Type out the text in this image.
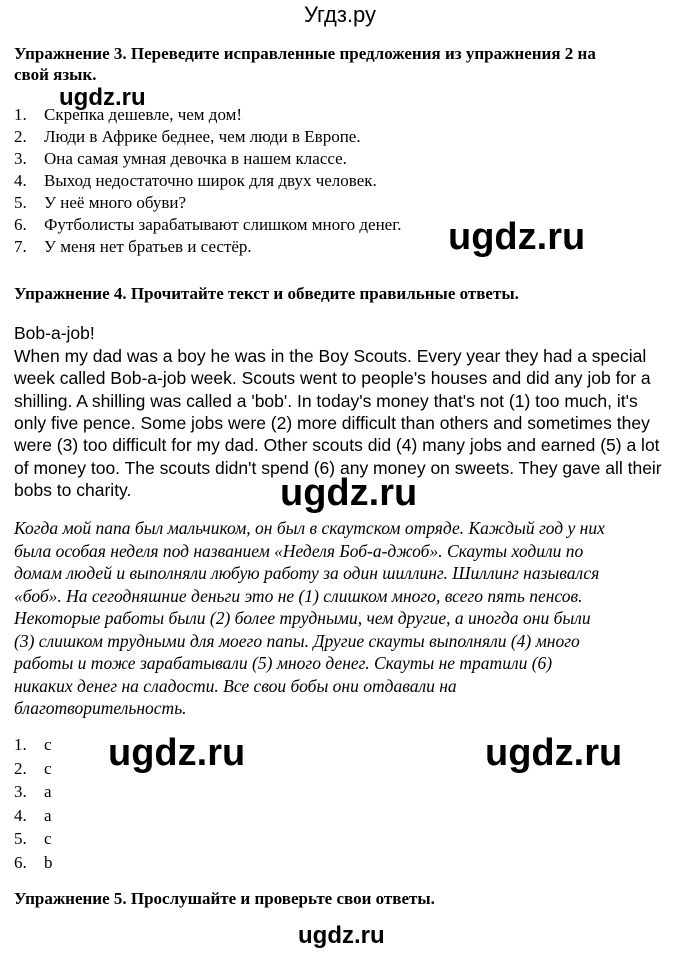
Угдз.ру
Упражнение 3. Переведите исправленные предложения из упражнения 2 на
свой язык.
1. Скрепка дешевле, чем дом!
2. Люди в Африке беднее, чем люди в Европе.
3. Она самая умная девочка в нашем классе.
4. Выход недостаточно широк для двух человек.
5. У неё много обуви?
6. Футболисты зарабатывают слишком много денег.
7. У меня нет братьев и сестёр.
Упражнение 4. Прочитайте текст и обведите правильные ответы.
Bob-a-job!
When my dad was a boy he was in the Boy Scouts. Every year they had a special
week called Bob-a-job week. Scouts went to people's houses and did any job for a
shilling. A shilling was called a 'bob'. In today's money that's not (1) too much, it's
only five pence. Some jobs were (2) more difficult than others and sometimes they
were (3) too difficult for my dad. Other scouts did (4) many jobs and earned (5) a lot
of money too. The scouts didn't spend (6) any money on sweets. They gave all their
bobs to charity.
Когда мой папа был мальчиком, он был в скаутском отряде. Каждый год у них
была особая неделя под названием «Неделя Боб-а-джоб». Скауты ходили по
домам людей и выполняли любую работу за один шиллинг. Шиллинг назывался
«боб». На сегодняшние деньги это не (1) слишком много, всего пять пенсов.
Некоторые работы были (2) более трудными, чем другие, а иногда они были
(3) слишком трудными для моего папы. Другие скауты выполняли (4) много
работы и тоже зарабатывали (5) много денег. Скауты не тратили (6)
никаких денег на сладости. Все свои бобы они отдавали на
благотворительность.
1. c
2. c
3. a
4. a
5. c
6. b
Упражнение 5. Прослушайте и проверьте свои ответы.
ugdz.ru
ugdz.ru
ugdz.ru
ugdz.ru	ugdz.ru
ugdz.ru
